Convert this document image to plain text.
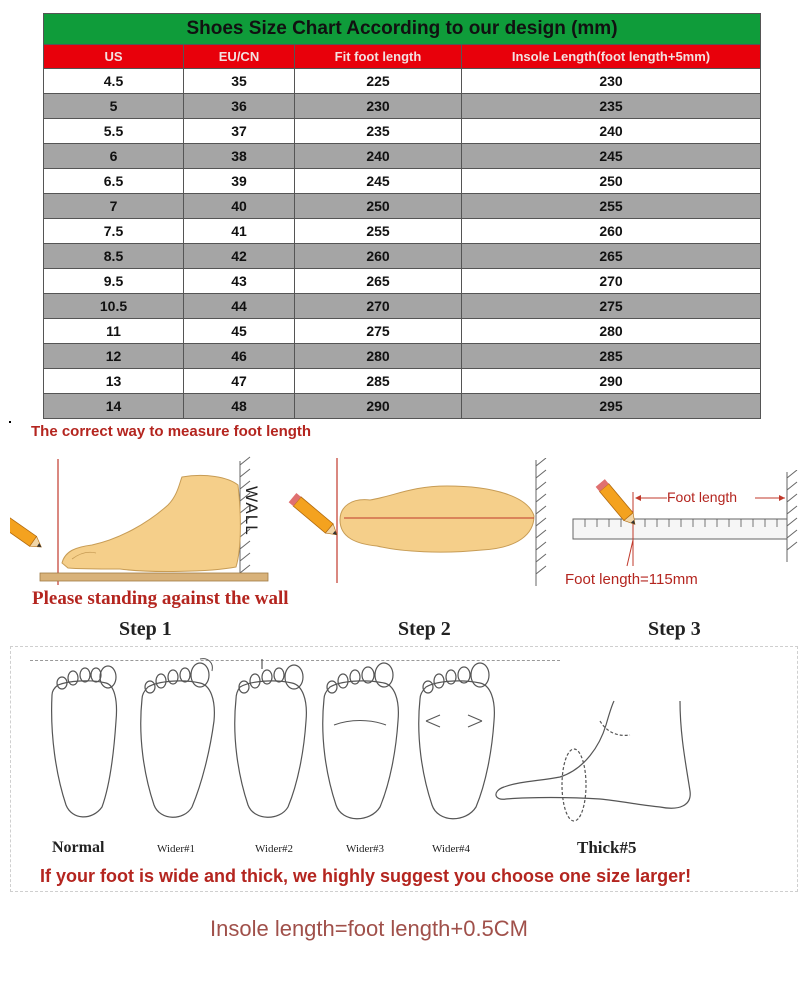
Shoes Size Chart According to our design (mm)			
US	EU/CN	Fit foot length	Insole Length(foot length+5mm)
4.5	35	225	230
5	36	230	235
5.5	37	235	240
6	38	240	245
6.5	39	245	250
7	40	250	255
7.5	41	255	260
8.5	42	260	265
9.5	43	265	270
10.5	44	270	275
11	45	275	280
12	46	280	285
13	47	285	290
14	48	290	295
The correct way to measure foot length
WALL
Please standing against the wall
Foot length
Foot length=115mm
Step 1	Step 2	Step 3
Normal	Wider#1	Wider#2	Wider#3	Wider#4	Thick#5
If your foot is wide and thick, we highly suggest you choose one size larger!
Insole length=foot length+0.5CM
